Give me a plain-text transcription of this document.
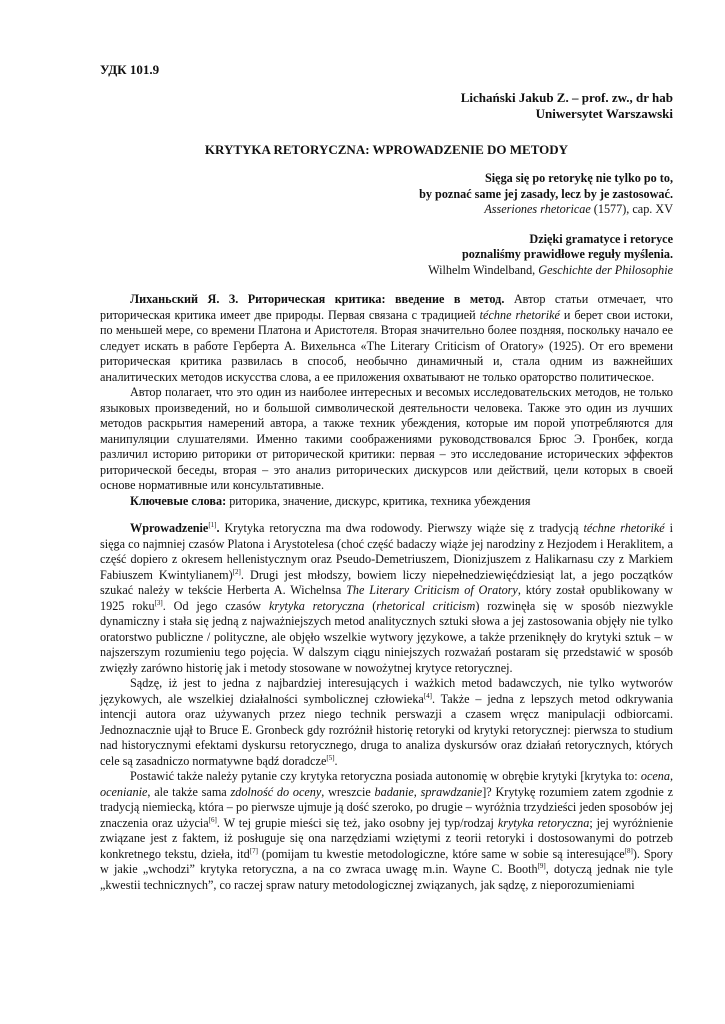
УДК 101.9
Lichański Jakub Z. – prof. zw., dr hab
Uniwersytet Warszawski
KRYTYKA RETORYCZNA: WPROWADZENIE DO METODY
Sięga się po retorykę nie tylko po to,
by poznać same jej zasady, lecz by je zastosować.
Asseriones rhetoricae (1577), cap. XV
Dzięki gramatyce i retoryce
poznaliśmy prawidłowe reguły myślenia.
Wilhelm Windelband, Geschichte der Philosophie

Лиханьский Я. З. Риторическая критика: введение в метод. Автор статьи отмечает, что риторическая критика имеет две природы. Первая связана с традицией téchne rhetoriké и берет свои истоки, по меньшей мере, со времени Платона и Аристотеля. Вторая значительно более поздняя, поскольку начало ее следует искать в работе Герберта А. Вихельнса «The Literary Criticism of Oratory» (1925). От его времени риторическая критика развилась в способ, необычно динамичный и, стала одним из важнейших аналитических методов искусства слова, а ее приложения охватывают не только ораторство политическое.

Автор полагает, что это один из наиболее интересных и весомых исследовательских методов, не только языковых произведений, но и большой символической деятельности человека. Также это один из лучших методов раскрытия намерений автора, а также техник убеждения, которые им порой употребляются для манипуляции слушателями. Именно такими соображениями руководствовался Брюс Э. Гронбек, когда различил историю риторики от риторической критики: первая – это исследование исторических эффектов риторической беседы, вторая – это анализ риторических дискурсов или действий, цели которых в своей основе нормативные или консультативные.

Ключевые слова: риторика, значение, дискурс, критика, техника убеждения

Wprowadzenie[1]. Krytyka retoryczna ma dwa rodowody. Pierwszy wiąże się z tradycją téchne rhetoriké i sięga co najmniej czasów Platona i Arystotelesa (choć część badaczy wiąże jej narodziny z Hezjodem i Heraklitem, a część dopiero z okresem hellenistycznym oraz Pseudo-Demetriuszem, Dionizjuszem z Halikarnasu czy z Markiem Fabiuszem Kwintylianem)[2]. Drugi jest młodszy, bowiem liczy niepełnedziewięćdziesiąt lat, a jego początków szukać należy w tekście Herberta A. Wichelnsa The Literary Criticism of Oratory, który został opublikowany w 1925 roku[3]. Od jego czasów krytyka retoryczna (rhetorical criticism) rozwinęła się w sposób niezwykle dynamiczny i stała się jedną z najważniejszych metod analitycznych sztuki słowa a jej zastosowania objęły nie tylko oratorstwo publiczne / polityczne, ale objęło wszelkie wytwory językowe, a także przeniknęły do krytyki sztuk – w najszerszym rozumieniu tego pojęcia. W dalszym ciągu niniejszych rozważań postaram się przedstawić w sposób zwięzły zarówno historię jak i metody stosowane w nowożytnej krytyce retorycznej.

Sądzę, iż jest to jedna z najbardziej interesujących i ważkich metod badawczych, nie tylko wytworów językowych, ale wszelkiej działalności symbolicznej człowieka[4]. Także – jedna z lepszych metod odkrywania intencji autora oraz używanych przez niego technik perswazji a czasem wręcz manipulacji odbiorcami. Jednoznacznie ujął to Bruce E. Gronbeck gdy rozróżnił historię retoryki od krytyki retorycznej: pierwsza to studium nad historycznymi efektami dyskursu retorycznego, druga to analiza dyskursów oraz działań retorycznych, których cele są zasadniczo normatywne bądź doradcze[5].

Postawić także należy pytanie czy krytyka retoryczna posiada autonomię w obrębie krytyki [krytyka to: ocena, ocenianie, ale także sama zdolność do oceny, wreszcie badanie, sprawdzanie]? Krytykę rozumiem zatem zgodnie z tradycją niemiecką, która – po pierwsze ujmuje ją dość szeroko, po drugie – wyróżnia trzydzieści jeden sposobów jej znaczenia oraz użycia[6]. W tej grupie mieści się też, jako osobny jej typ/rodzaj krytyka retoryczna; jej wyróżnienie związane jest z faktem, iż posługuje się ona narzędziami wziętymi z teorii retoryki i dostosowanymi do potrzeb konkretnego tekstu, dzieła, itd[7] (pomijam tu kwestie metodologiczne, które same w sobie są interesujące[8]). Spory w jakie „wchodzi” krytyka retoryczna, a na co zwraca uwagę m.in. Wayne C. Booth[9], dotyczą jednak nie tyle „kwestii technicznych”, co raczej spraw natury metodologicznej związanych, jak sądzę, z nieporozumieniami
